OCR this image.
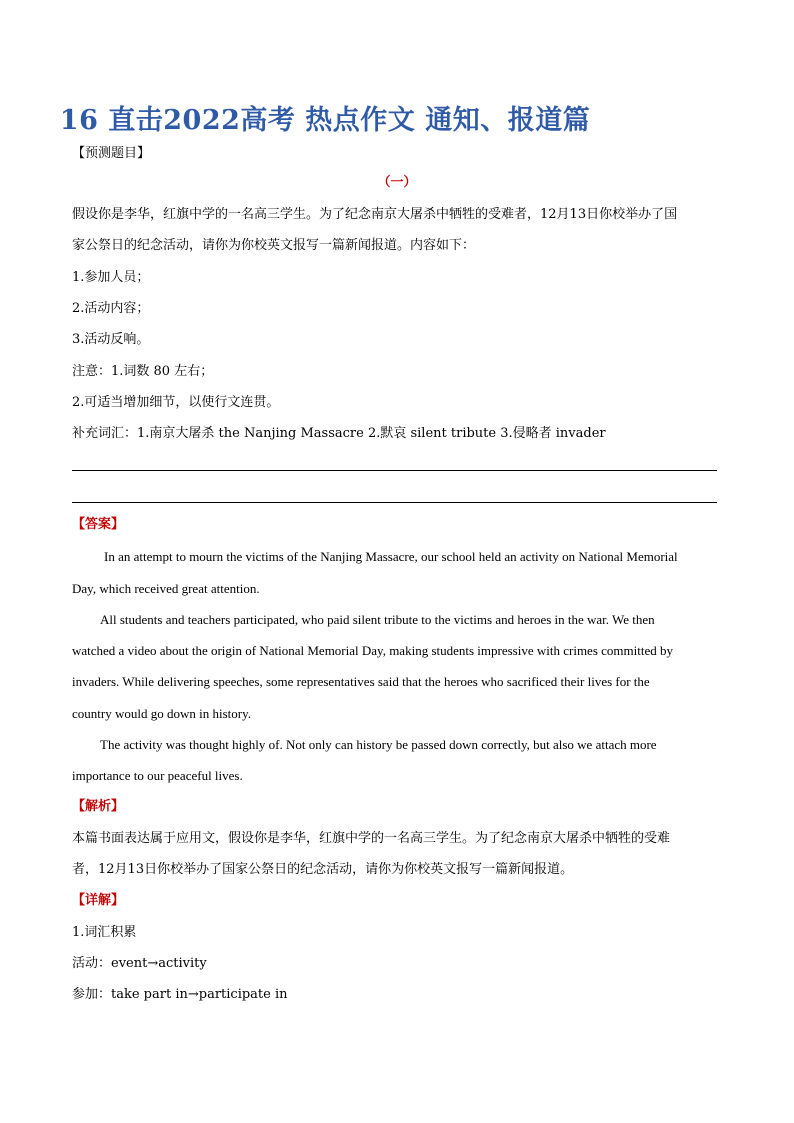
16 直击2022高考 热点作文 通知、报道篇
【预测题目】
（一）
假设你是李华，红旗中学的一名高三学生。为了纪念南京大屠杀中牺牲的受难者，12月13日你校举办了国
家公祭日的纪念活动，请你为你校英文报写一篇新闻报道。内容如下：
1.参加人员；
2.活动内容；
3.活动反响。
注意：1.词数 80 左右；
2.可适当增加细节，以使行文连贯。
补充词汇：1.南京大屠杀 the Nanjing Massacre 2.默哀 silent tribute 3.侵略者 invader
【答案】
In an attempt to mourn the victims of the Nanjing Massacre, our school held an activity on National Memorial
Day, which received great attention.
All students and teachers participated, who paid silent tribute to the victims and heroes in the war. We then
watched a video about the origin of National Memorial Day, making students impressive with crimes committed by
invaders. While delivering speeches, some representatives said that the heroes who sacrificed their lives for the
country would go down in history.
The activity was thought highly of. Not only can history be passed down correctly, but also we attach more
importance to our peaceful lives.
【解析】
本篇书面表达属于应用文，假设你是李华，红旗中学的一名高三学生。为了纪念南京大屠杀中牺牲的受难
者，12月13日你校举办了国家公祭日的纪念活动，请你为你校英文报写一篇新闻报道。
【详解】
1.词汇积累
活动：event→activity
参加：take part in→participate in
